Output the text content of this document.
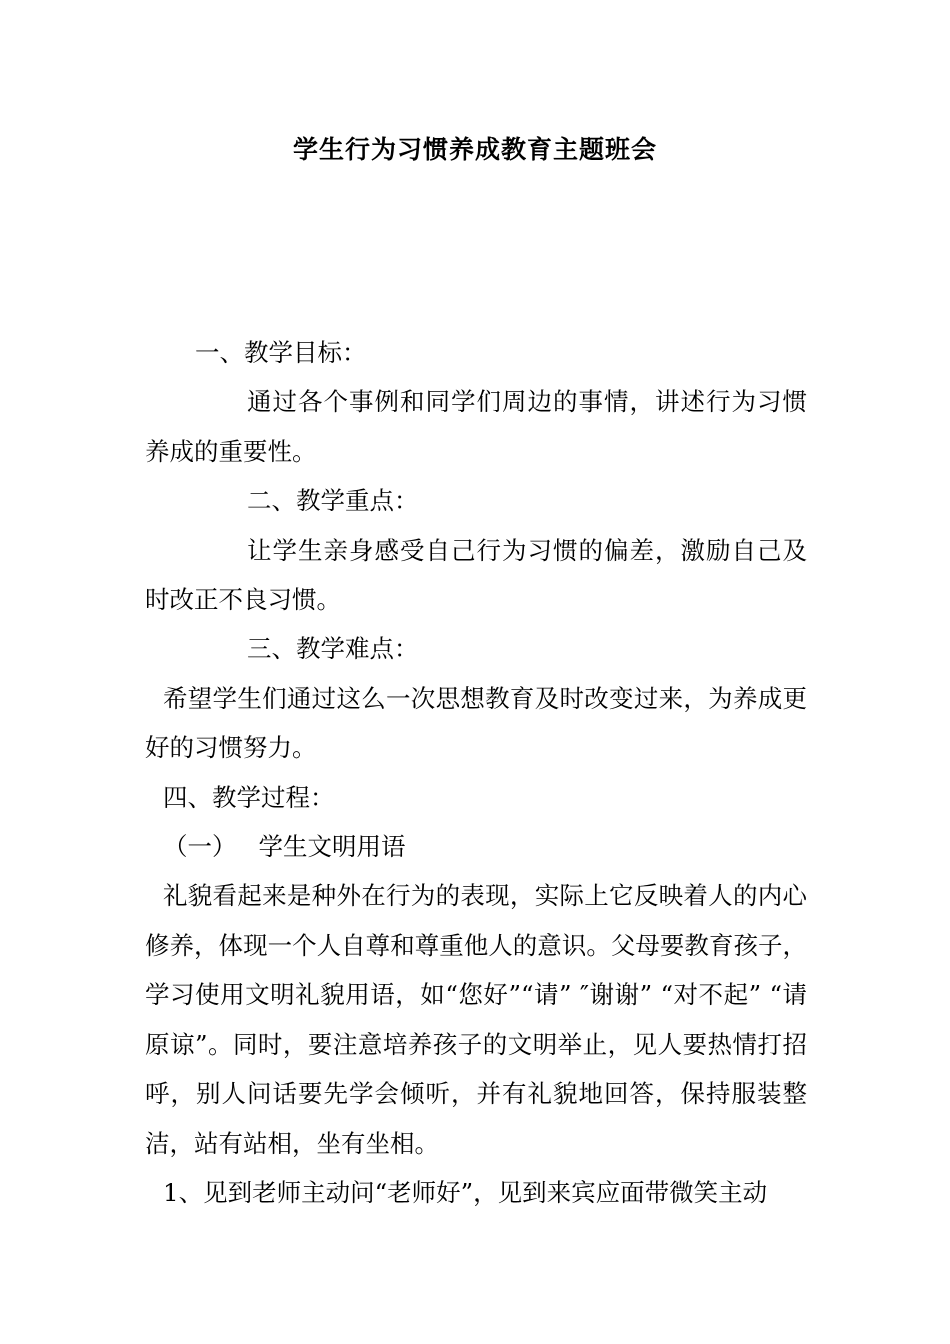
学生行为习惯养成教育主题班会

一、教学目标：

通过各个事例和同学们周边的事情，讲述行为习惯养成的重要性。

二、教学重点：

让学生亲身感受自己行为习惯的偏差，激励自己及时改正不良习惯。

三、教学难点：

希望学生们通过这么一次思想教育及时改变过来，为养成更好的习惯努力。

四、教学过程：

（一） 学生文明用语

礼貌看起来是种外在行为的表现，实际上它反映着人的内心修养，体现一个人自尊和尊重他人的意识。父母要教育孩子，学习使用文明礼貌用语，如“您好”“请” ″谢谢” “对不起” “请原谅”。同时，要注意培养孩子的文明举止，见人要热情打招呼，别人问话要先学会倾听，并有礼貌地回答，保持服装整洁，站有站相，坐有坐相。

1、见到老师主动问“老师好”，见到来宾应面带微笑主动
